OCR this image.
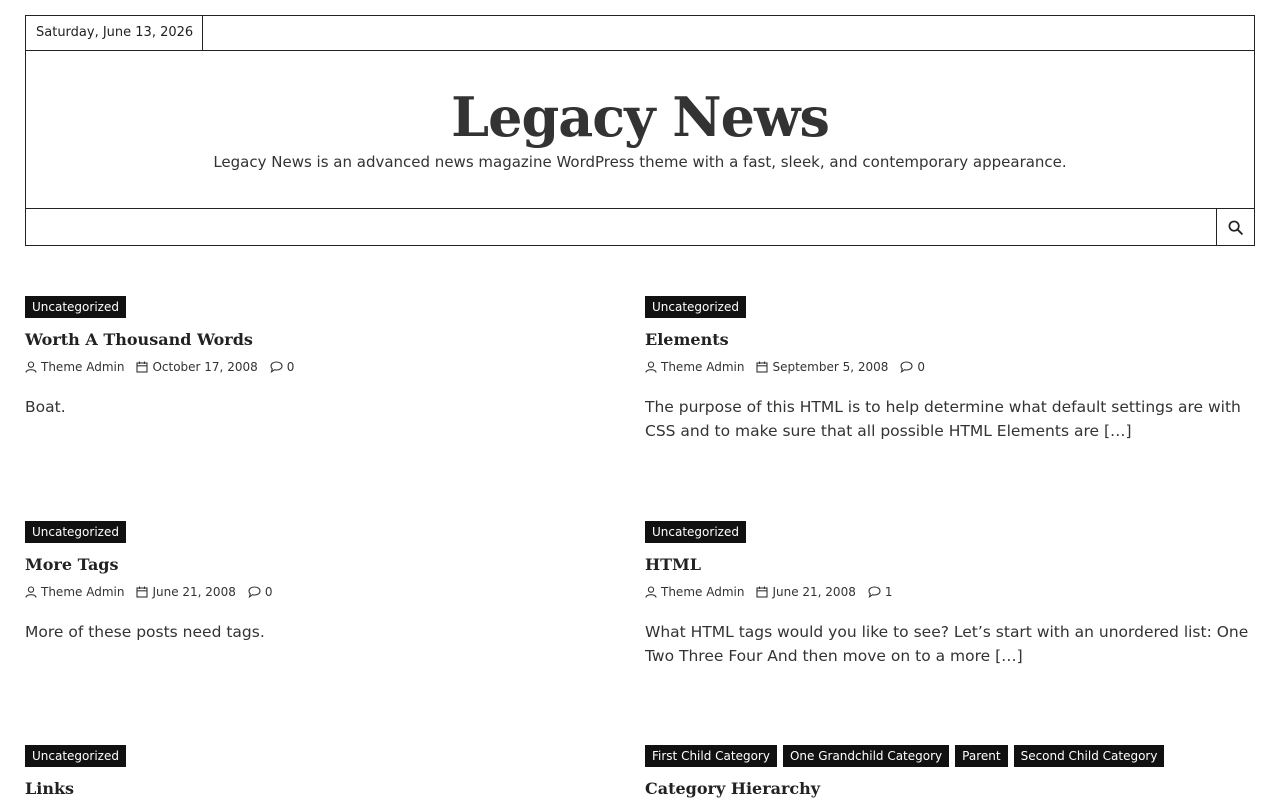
Saturday, June 13, 2026
Legacy News

Legacy News is an advanced news magazine WordPress theme with a fast, sleek, and contemporary appearance.

Uncategorized
Worth A Thousand Words
Theme Admin October 17, 2008 0

Boat.

Uncategorized
Elements
Theme Admin September 5, 2008 0

The purpose of this HTML is to help determine what default settings are with CSS and to make sure that all possible HTML Elements are […]

Uncategorized
More Tags
Theme Admin June 21, 2008 0

More of these posts need tags.

Uncategorized
HTML
Theme Admin June 21, 2008 1

What HTML tags would you like to see? Let’s start with an unordered list: One Two Three Four And then move on to a more […]

Uncategorized
Links
First Child Category	One Grandchild Category	Parent	Second Child Category
Category Hierarchy
